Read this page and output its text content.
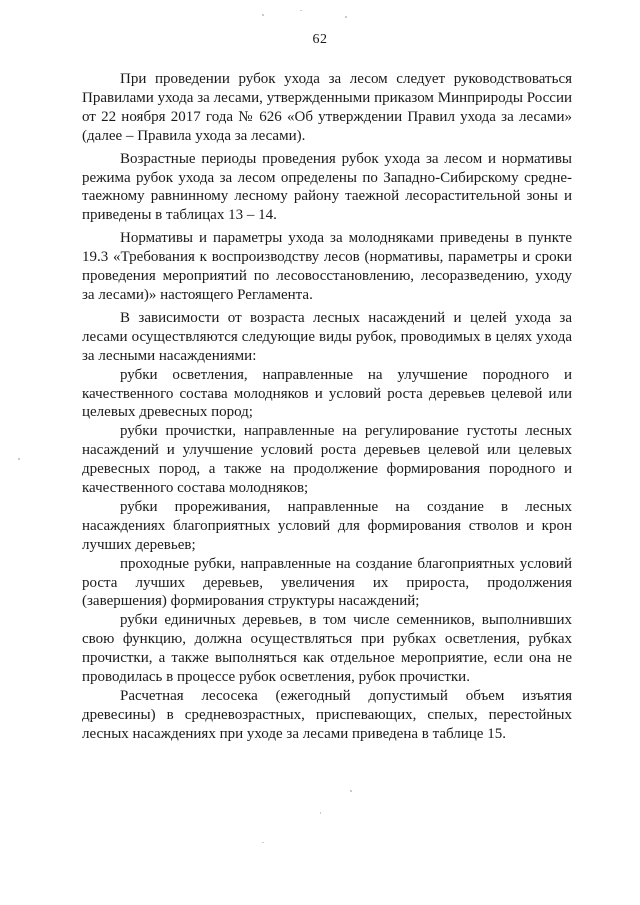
62

При проведении рубок ухода за лесом следует руководствоваться Правилами ухода за лесами, утвержденными приказом Минприроды России от 22 ноября 2017 года № 626 «Об утверждении Правил ухода за лесами» (далее – Правила ухода за лесами).

Возрастные периоды проведения рубок ухода за лесом и нормативы режима рубок ухода за лесом определены по Западно-Сибирскому средне-таежному равнинному лесному району таежной лесорастительной зоны и приведены в таблицах 13 – 14.

Нормативы и параметры ухода за молодняками приведены в пункте 19.3 «Требования к воспроизводству лесов (нормативы, параметры и сроки проведения мероприятий по лесовосстановлению, лесоразведению, уходу за лесами)» настоящего Регламента.

В зависимости от возраста лесных насаждений и целей ухода за лесами осуществляются следующие виды рубок, проводимых в целях ухода за лесными насаждениями:

рубки осветления, направленные на улучшение породного и качественного состава молодняков и условий роста деревьев целевой или целевых древесных пород;

рубки прочистки, направленные на регулирование густоты лесных насаждений и улучшение условий роста деревьев целевой или целевых древесных пород, а также на продолжение формирования породного и качественного состава молодняков;

рубки прореживания, направленные на создание в лесных насаждениях благоприятных условий для формирования стволов и крон лучших деревьев;

проходные рубки, направленные на создание благоприятных условий роста лучших деревьев, увеличения их прироста, продолжения (завершения) формирования структуры насаждений;

рубки единичных деревьев, в том числе семенников, выполнивших свою функцию, должна осуществляться при рубках осветления, рубках прочистки, а также выполняться как отдельное мероприятие, если она не проводилась в процессе рубок осветления, рубок прочистки.

Расчетная лесосека (ежегодный допустимый объем изъятия древесины) в средневозрастных, приспевающих, спелых, перестойных лесных насаждениях при уходе за лесами приведена в таблице 15.
